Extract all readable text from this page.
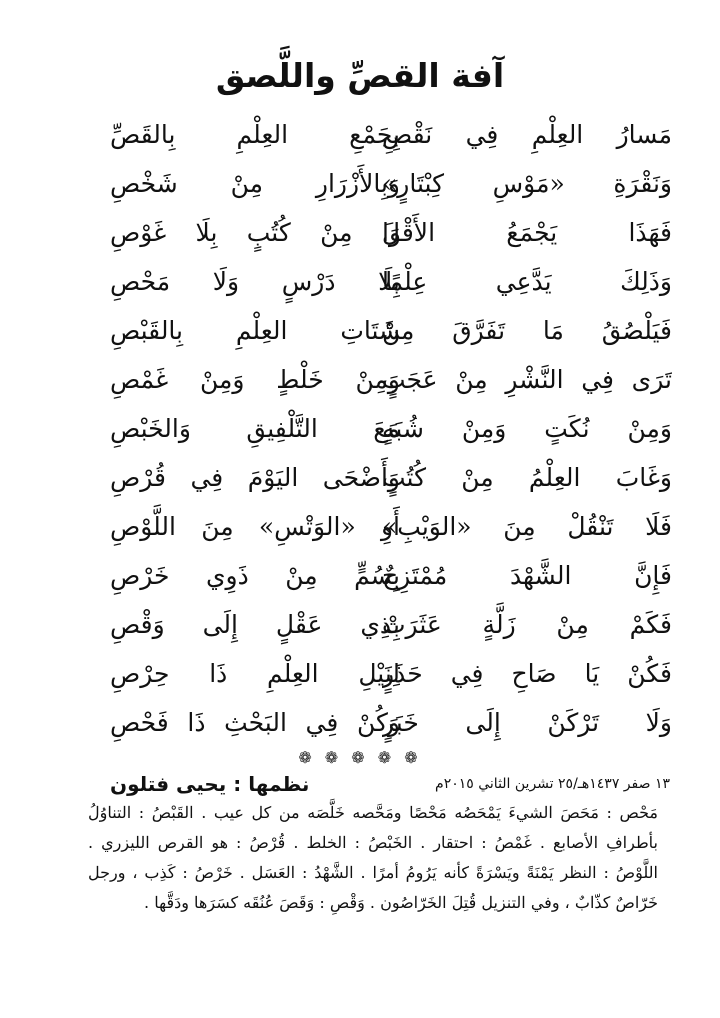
آفة القصِّ واللَّصق
مَسارُ العِلْمِ فِي نَقْصِ
بِجَمْعِ العِلْمِ بِالقَصِّ
وَنَقْرَةِ «مَوْسِ كِبْتَارٍ»
وَبِالأَزْرَارِ مِنْ شَخْصِ
فَهَذَا يَجْمَعُ الأَقْوَا
لَ مِنْ كُتُبٍ بِلَا غَوْصِ
وَذَلِكَ يَدَّعِي عِلْمًا
بِلَا دَرْسٍ وَلَا مَحْصِ
فَيَلْصُقُ مَا تَفَرَّقَ مِنْ
شَتَاتِ العِلْمِ بِالقَبْصِ
تَرَى فِي النَّشْرِ مِنْ عَجَبٍ
وَمِنْ خَلْطٍ وَمِنْ غَمْصِ
وَمِنْ نُكَتٍ وَمِنْ شُبَهٍ
مَعَ التَّلْفِيقِ وَالخَبْصِ
وَغَابَ العِلْمُ مِنْ كُتُبٍ
وَأَضْحَى اليَوْمَ فِي قُرْصِ
فَلَا تَنْقُلْ مِنَ «الوَيْبِ»
أَوِ «الوَتْسِ» مِنَ اللَّوْصِ
فَإِنَّ الشَّهْدَ مُمْتَزِجٌ
بِسُمٍّ مِنْ ذَوِي خَرْصِ
فَكَمْ مِنْ زَلَّةٍ عَثَرَتْ
بِذِي عَقْلٍ إِلَى وَقْصِ
فَكُنْ يَا صَاحِ فِي حَذَرٍ
لِنَيْلِ العِلْمِ ذَا حِرْصِ
وَلَا تَرْكَنْ إِلَى خَبَرٍ
وَكُنْ فِي البَحْثِ ذَا فَحْصِ
❁ ❁ ❁ ❁ ❁
١٣ صفر ١٤٣٧هـ/٢٥ تشرين الثاني ٢٠١٥م
نظمها : يحيى فتلون
مَحْص : مَحَصَ الشيءَ يَمْحَصُه مَحْصًا ومَحَّصه خَلَّصَه من كل عيب . القَبْصُ : التناوُلُ
بأطرافِ الأصابع . غَمْصُ : احتقار . الخَبْصُ : الخلط . قُرْصُ : هو القرص الليزري .
اللَّوْصُ : النظر يَمْنَةً ويَسْرَةً كأنه يَرُومُ أمرًا . الشَّهْدُ : العَسَل . خَرْصُ : كَذِب ، ورجل
خَرّاصٌ كذّابٌ ، وفي التنزيل قُتِلَ الخَرّاصُون . وَقْصِ : وَقَصَ عُنُقَه كسَرَها ودَقَّها .
